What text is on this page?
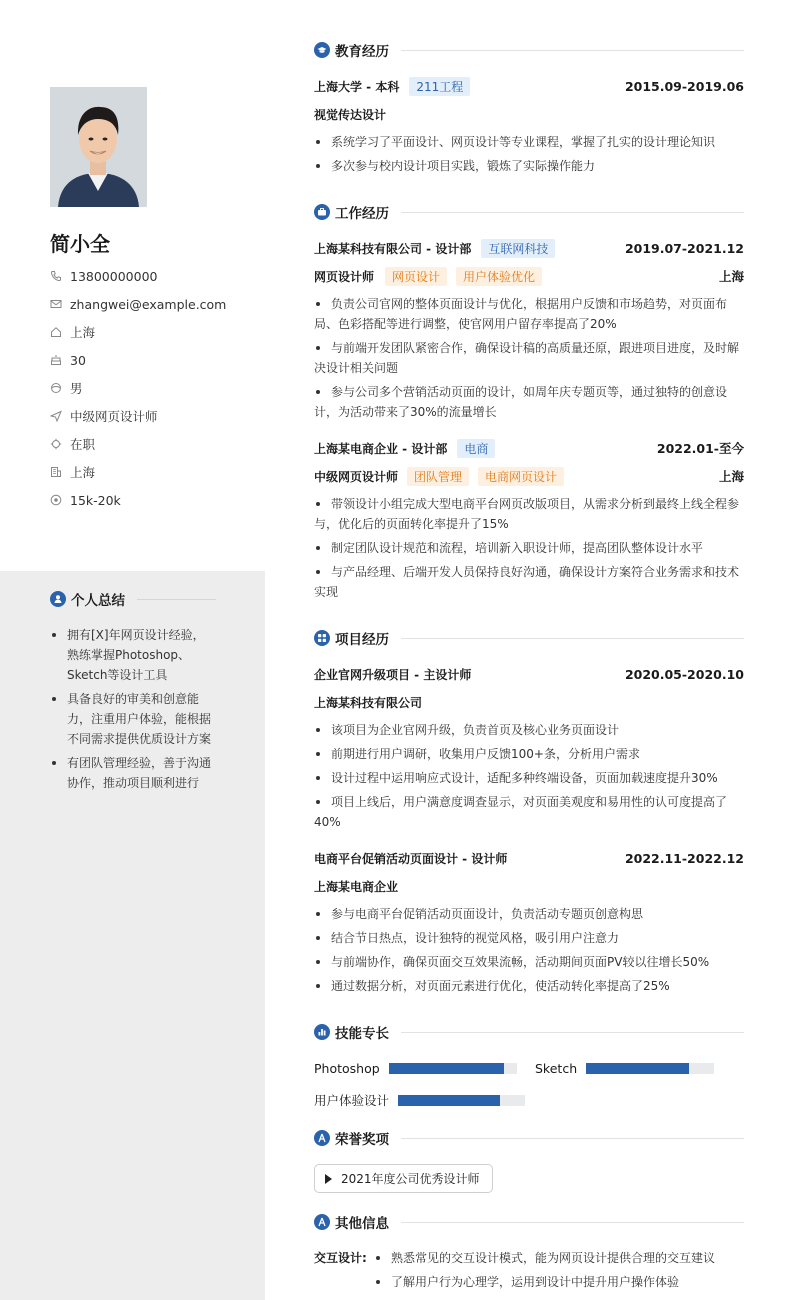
简小全
13800000000
zhangwei@example.com
上海
30
男
中级网页设计师
在职
上海
15k-20k
个人总结
拥有[X]年网页设计经验，熟练掌握Photoshop、Sketch等设计工具
具备良好的审美和创意能力，注重用户体验，能根据不同需求提供优质设计方案
有团队管理经验，善于沟通协作，推动项目顺利进行
教育经历
上海大学 - 本科	211工程	2015.09-2019.06
视觉传达设计
系统学习了平面设计、网页设计等专业课程，掌握了扎实的设计理论知识
多次参与校内设计项目实践，锻炼了实际操作能力
工作经历
上海某科技有限公司 - 设计部	互联网科技	2019.07-2021.12
网页设计师	网页设计	用户体验优化	上海
负责公司官网的整体页面设计与优化，根据用户反馈和市场趋势，对页面布局、色彩搭配等进行调整，使官网用户留存率提高了20%
与前端开发团队紧密合作，确保设计稿的高质量还原，跟进项目进度，及时解决设计相关问题
参与公司多个营销活动页面的设计，如周年庆专题页等，通过独特的创意设计，为活动带来了30%的流量增长
上海某电商企业 - 设计部	电商	2022.01-至今
中级网页设计师	团队管理	电商网页设计	上海
带领设计小组完成大型电商平台网页改版项目，从需求分析到最终上线全程参与，优化后的页面转化率提升了15%
制定团队设计规范和流程，培训新入职设计师，提高团队整体设计水平
与产品经理、后端开发人员保持良好沟通，确保设计方案符合业务需求和技术实现
项目经历
企业官网升级项目 - 主设计师	2020.05-2020.10
上海某科技有限公司
该项目为企业官网升级，负责首页及核心业务页面设计
前期进行用户调研，收集用户反馈100+条，分析用户需求
设计过程中运用响应式设计，适配多种终端设备，页面加载速度提升30%
项目上线后，用户满意度调查显示，对页面美观度和易用性的认可度提高了40%
电商平台促销活动页面设计 - 设计师	2022.11-2022.12
上海某电商企业
参与电商平台促销活动页面设计，负责活动专题页创意构思
结合节日热点，设计独特的视觉风格，吸引用户注意力
与前端协作，确保页面交互效果流畅，活动期间页面PV较以往增长50%
通过数据分析，对页面元素进行优化，使活动转化率提高了25%
技能专长
Photoshop	Sketch
用户体验设计
荣誉奖项
2021年度公司优秀设计师
其他信息
交互设计:	熟悉常见的交互设计模式，能为网页设计提供合理的交互建议
了解用户行为心理学，运用到设计中提升用户操作体验
